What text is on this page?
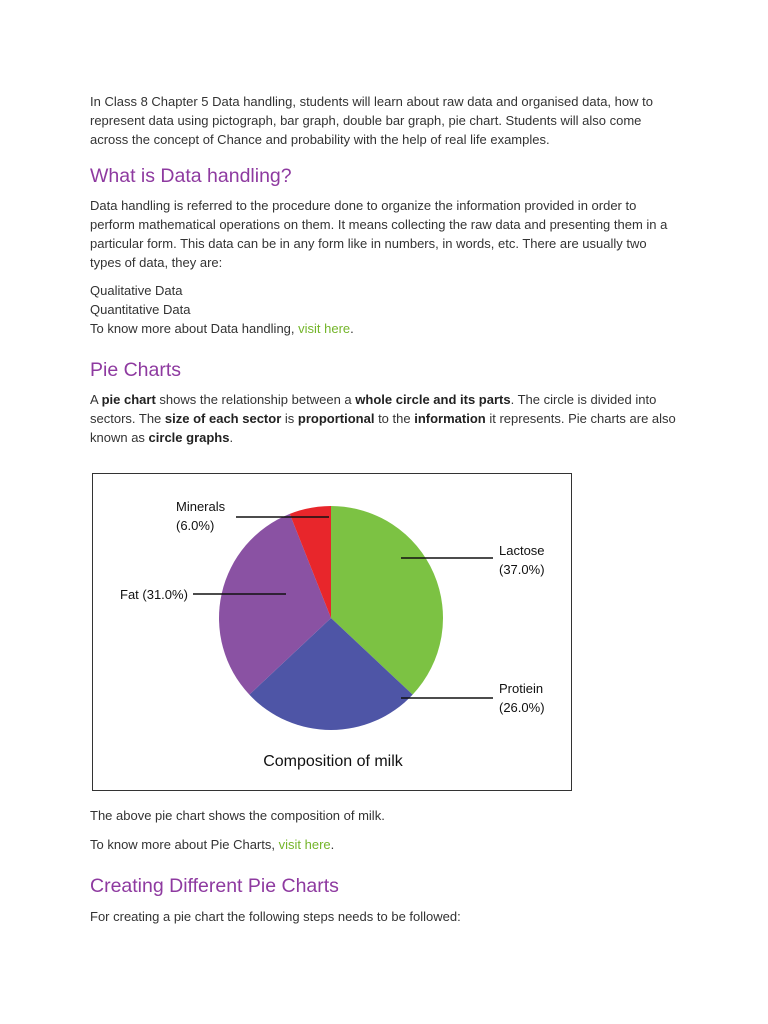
In Class 8 Chapter 5 Data handling, students will learn about raw data and organised data, how to represent data using pictograph, bar graph, double bar graph, pie chart. Students will also come across the concept of Chance and probability with the help of real life examples.

What is Data handling?

Data handling is referred to the procedure done to organize the information provided in order to perform mathematical operations on them. It means collecting the raw data and presenting them in a particular form. This data can be in any form like in numbers, in words, etc. There are usually two types of data, they are:

Qualitative Data

Quantitative Data

To know more about Data handling, visit here.

Pie Charts

A pie chart shows the relationship between a whole circle and its parts. The circle is divided into sectors. The size of each sector is proportional to the information it represents. Pie charts are also known as circle graphs.

Lactose
(37.0%)
Protiein
(26.0%)
Fat (31.0%)
Minerals
(6.0%)
Composition of milk

The above pie chart shows the composition of milk.

To know more about Pie Charts, visit here.

Creating Different Pie Charts

For creating a pie chart the following steps needs to be followed:
